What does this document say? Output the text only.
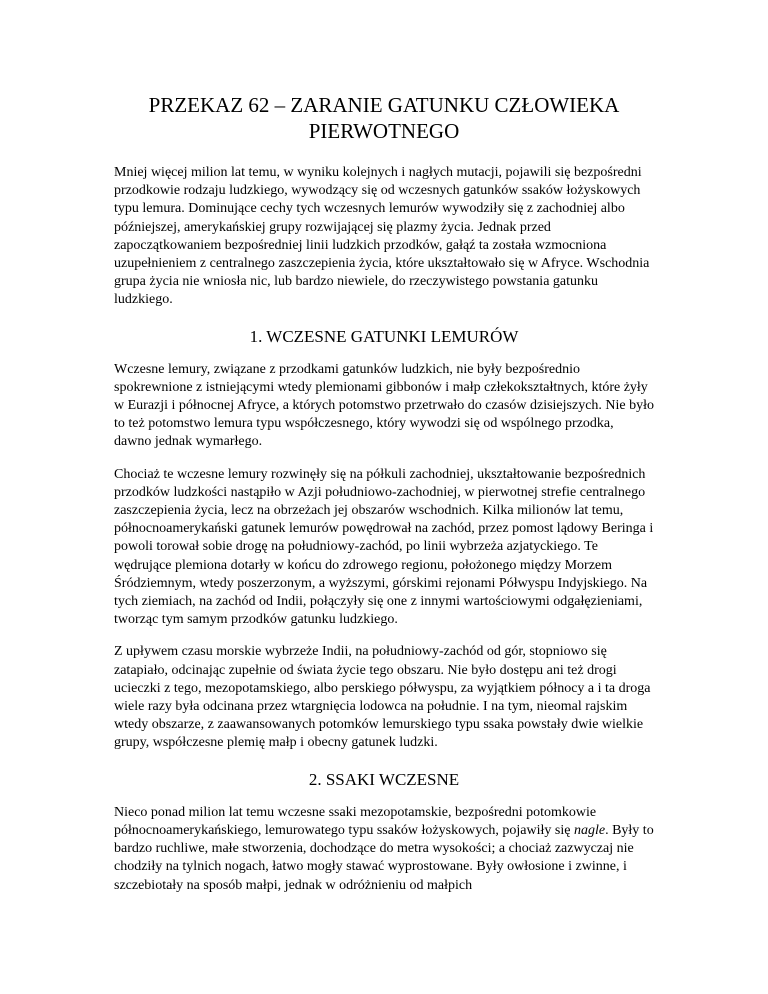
PRZEKAZ 62 – ZARANIE GATUNKU CZŁOWIEKA
PIERWOTNEGO

Mniej więcej milion lat temu, w wyniku kolejnych i nagłych mutacji, pojawili się bezpośredni przodkowie rodzaju ludzkiego, wywodzący się od wczesnych gatunków ssaków łożyskowych typu lemura. Dominujące cechy tych wczesnych lemurów wywodziły się z zachodniej albo późniejszej, amerykańskiej grupy rozwijającej się plazmy życia. Jednak przed zapoczątkowaniem bezpośredniej linii ludzkich przodków, gałąź ta została wzmocniona uzupełnieniem z centralnego zaszczepienia życia, które ukształtowało się w Afryce. Wschodnia grupa życia nie wniosła nic, lub bardzo niewiele, do rzeczywistego powstania gatunku ludzkiego.

1. WCZESNE GATUNKI LEMURÓW

Wczesne lemury, związane z przodkami gatunków ludzkich, nie były bezpośrednio spokrewnione z istniejącymi wtedy plemionami gibbonów i małp człekokształtnych, które żyły w Eurazji i północnej Afryce, a których potomstwo przetrwało do czasów dzisiejszych. Nie było to też potomstwo lemura typu współczesnego, który wywodzi się od wspólnego przodka, dawno jednak wymarłego.

Chociaż te wczesne lemury rozwinęły się na półkuli zachodniej, ukształtowanie bezpośrednich przodków ludzkości nastąpiło w Azji południowo-zachodniej, w pierwotnej strefie centralnego zaszczepienia życia, lecz na obrzeżach jej obszarów wschodnich. Kilka milionów lat temu, północnoamerykański gatunek lemurów powędrował na zachód, przez pomost lądowy Beringa i powoli torował sobie drogę na południowy-zachód, po linii wybrzeża azjatyckiego. Te wędrujące plemiona dotarły w końcu do zdrowego regionu, położonego między Morzem Śródziemnym, wtedy poszerzonym, a wyższymi, górskimi rejonami Półwyspu Indyjskiego. Na tych ziemiach, na zachód od Indii, połączyły się one z innymi wartościowymi odgałęzieniami, tworząc tym samym przodków gatunku ludzkiego.

Z upływem czasu morskie wybrzeże Indii, na południowy-zachód od gór, stopniowo się zatapiało, odcinając zupełnie od świata życie tego obszaru. Nie było dostępu ani też drogi ucieczki z tego, mezopotamskiego, albo perskiego półwyspu, za wyjątkiem północy a i ta droga wiele razy była odcinana przez wtargnięcia lodowca na południe. I na tym, nieomal rajskim wtedy obszarze, z zaawansowanych potomków lemurskiego typu ssaka powstały dwie wielkie grupy, współczesne plemię małp i obecny gatunek ludzki.

2. SSAKI WCZESNE

Nieco ponad milion lat temu wczesne ssaki mezopotamskie, bezpośredni potomkowie północnoamerykańskiego, lemurowatego typu ssaków łożyskowych, pojawiły się nagle. Były to bardzo ruchliwe, małe stworzenia, dochodzące do metra wysokości; a chociaż zazwyczaj nie chodziły na tylnich nogach, łatwo mogły stawać wyprostowane. Były owłosione i zwinne, i szczebiotały na sposób małpi, jednak w odróżnieniu od małpich
